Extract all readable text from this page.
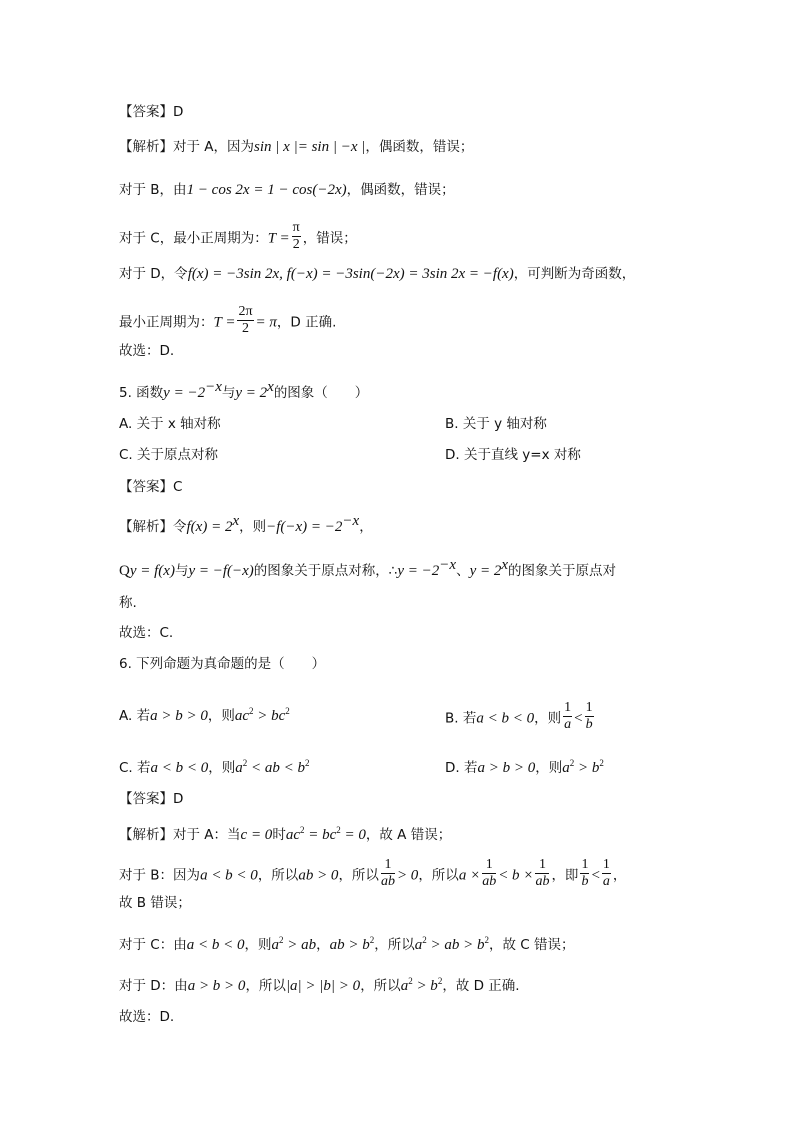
【答案】D
【解析】对于 A，因为sin | x |= sin | −x |，偶函数，错误；
对于 B，由1 − cos 2x = 1 − cos(−2x)，偶函数，错误；
对于 C，最小正周期为：$T = \frac{\pi}{2}$ ，错误；
对于 D，令f(x) = −3sin 2x, f(−x) = −3sin(−2x) = 3sin 2x = −f(x)，可判断为奇函数，
最小正周期为：$T = \frac{2\pi}{2} = \pi$，D 正确.
故选：D.
5. 函数$y = -2^{-x}$与$y = 2^x$的图象（　　）
A. 关于 x 轴对称	B. 关于 y 轴对称
C. 关于原点对称	D. 关于直线 y=x 对称
【答案】C
【解析】令$f(x) = 2^x$，则$-f(-x) = -2^{-x}$，
Qy = f(x)与y = −f(−x)的图象关于原点对称，∴y = $-2^{-x}$、$y = 2^x$的图象关于原点对
称.
故选：C.
6. 下列命题为真命题的是（　　）
A. 若a > b > 0，则$ac^2 > bc^2$	B. 若a < b < 0，则 $\frac{1}{a} < \frac{1}{b}$
C. 若a < b < 0，则$a^2$ < ab < $b^2$	D. 若a > b > 0，则$a^2 > b^2$
【答案】D
【解析】对于 A：当c = 0时$ac^2 = bc^2 = 0$，故 A 错误；
对于 B：因为a < b < 0，所以ab > 0，所以 $\frac{1}{ab} > 0$，所以$a \times \frac{1}{ab} < b \times \frac{1}{ab}$ ，即 $\frac{1}{b} < \frac{1}{a}$ ，
故 B 错误；
对于 C：由a < b < 0，则$a^2$ > ab，ab > $b^2$，所以$a^2$ > ab > $b^2$，故 C 错误；
对于 D：由a > b > 0，所以|a| > |b| > 0，所以$a^2 > b^2$，故 D 正确.
故选：D.
